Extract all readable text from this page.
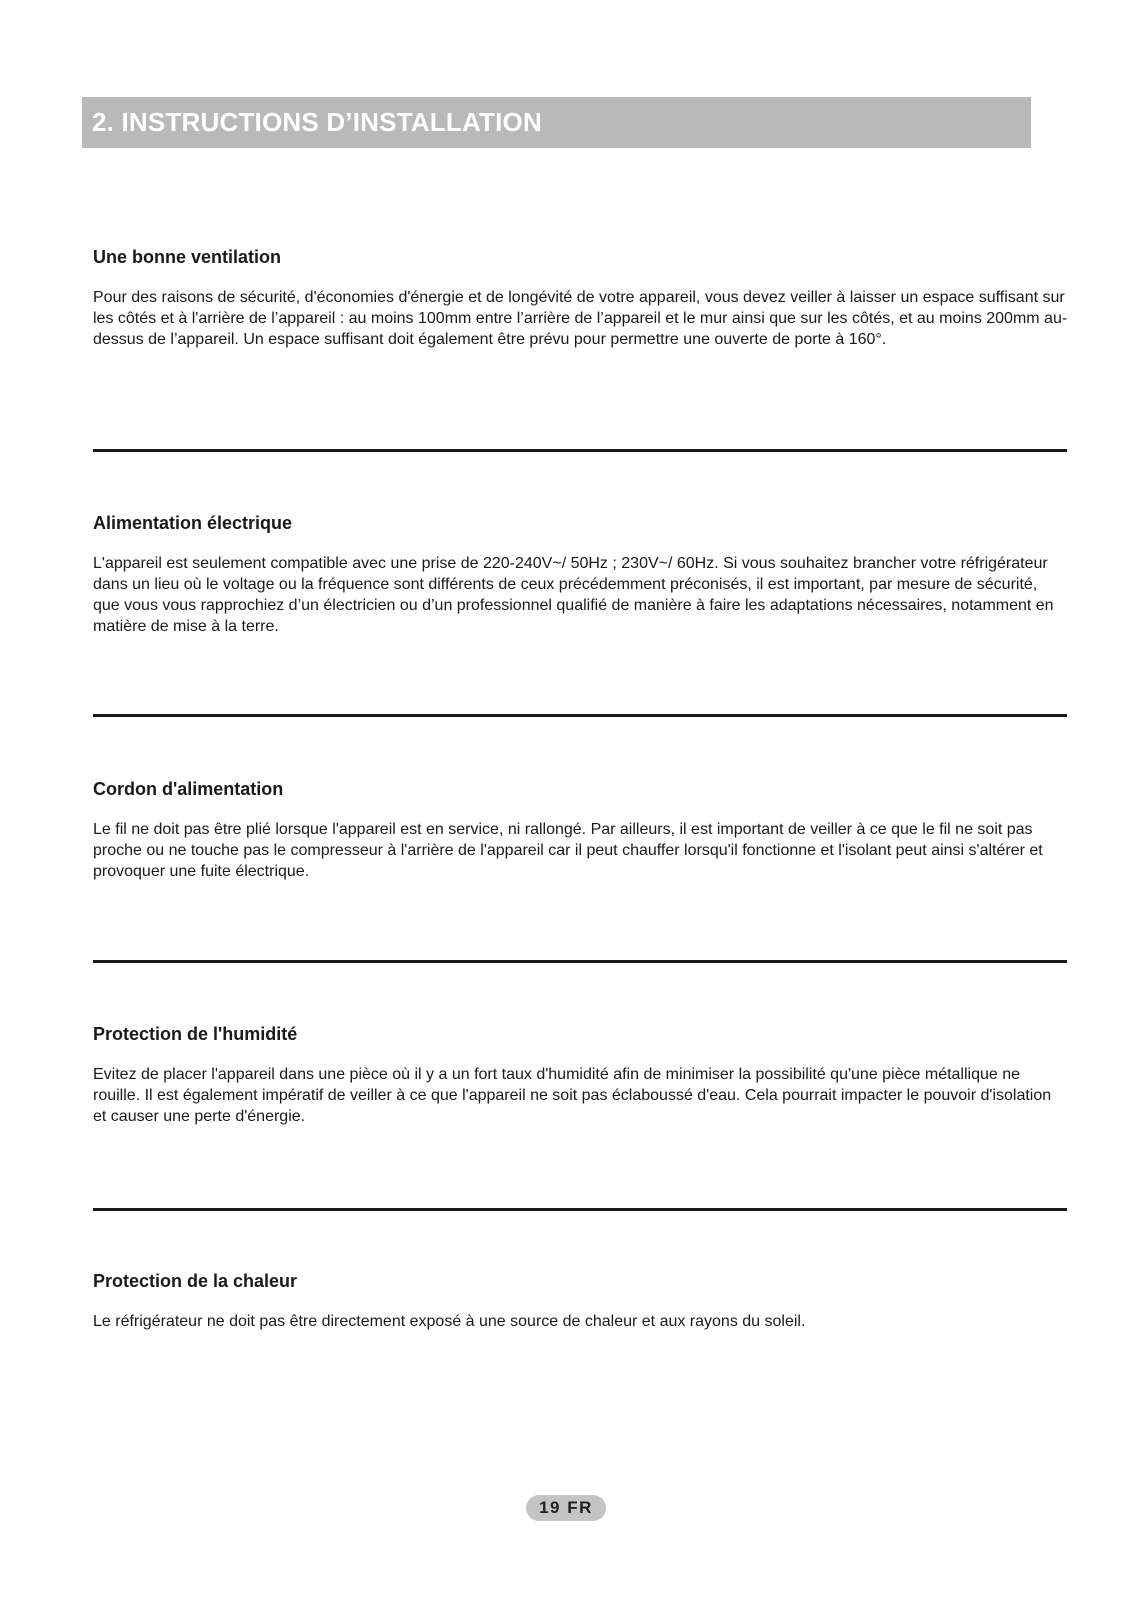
2. INSTRUCTIONS D’INSTALLATION
Une bonne ventilation

Pour des raisons de sécurité, d'économies d'énergie et de longévité de votre appareil, vous devez veiller à laisser un espace suffisant sur les côtés et à l'arrière de l’appareil : au moins 100mm entre l’arrière de l’appareil et le mur ainsi que sur les côtés, et au moins 200mm au-dessus de l’appareil. Un espace suffisant doit également être prévu pour permettre une ouverte de porte à 160°.

Alimentation électrique

L'appareil est seulement compatible avec une prise de 220-240V~/ 50Hz ; 230V~/ 60Hz. Si vous souhaitez brancher votre réfrigérateur dans un lieu où le voltage ou la fréquence sont différents de ceux précédemment préconisés, il est important, par mesure de sécurité, que vous vous rapprochiez d’un électricien ou d’un professionnel qualifié de manière à faire les adaptations nécessaires, notamment en matière de mise à la terre.

Cordon d'alimentation

Le fil ne doit pas être plié lorsque l'appareil est en service, ni rallongé. Par ailleurs, il est important de veiller à ce que le fil ne soit pas proche ou ne touche pas le compresseur à l'arrière de l'appareil car il peut chauffer lorsqu'il fonctionne et l'isolant peut ainsi s'altérer et provoquer une fuite électrique.

Protection de l'humidité

Evitez de placer l'appareil dans une pièce où il y a un fort taux d'humidité afin de minimiser la possibilité qu'une pièce métallique ne rouille. Il est également impératif de veiller à ce que l'appareil ne soit pas éclaboussé d'eau. Cela pourrait impacter le pouvoir d'isolation et causer une perte d'énergie.

Protection de la chaleur

Le réfrigérateur ne doit pas être directement exposé à une source de chaleur et aux rayons du soleil.

19 FR
